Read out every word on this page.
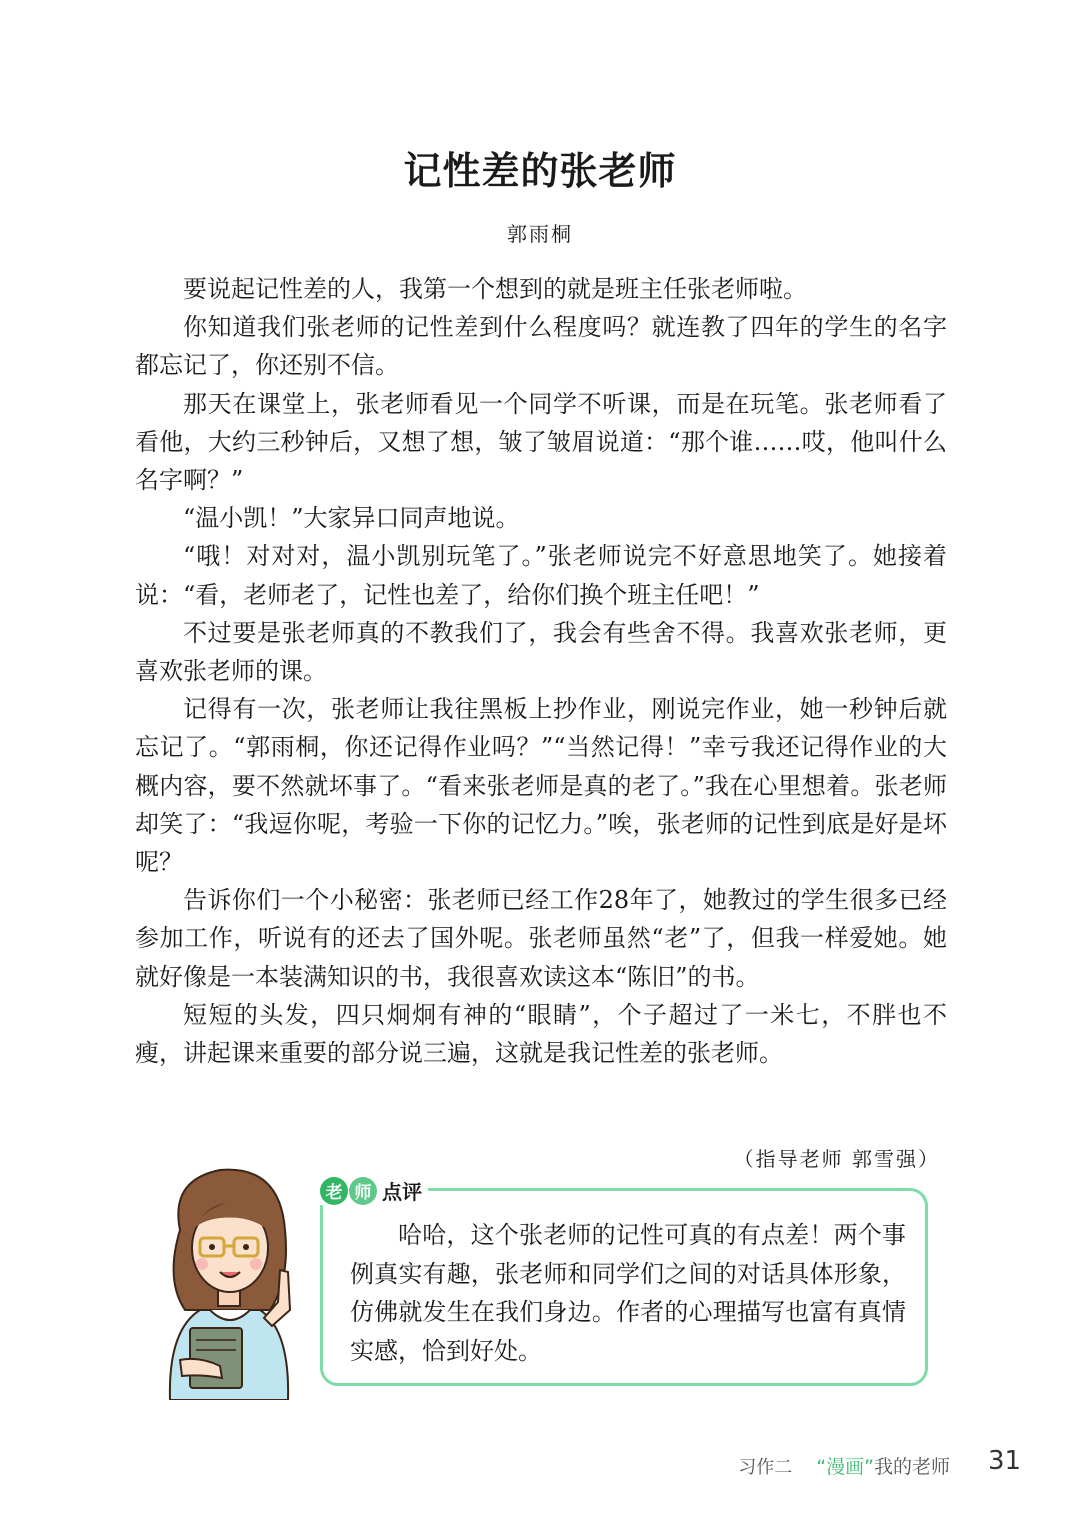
记性差的张老师
郭雨桐

要说起记性差的人，我第一个想到的就是班主任张老师啦。

你知道我们张老师的记性差到什么程度吗？就连教了四年的学生的名字都忘记了，你还别不信。

那天在课堂上，张老师看见一个同学不听课，而是在玩笔。张老师看了看他，大约三秒钟后，又想了想，皱了皱眉说道：“那个谁……哎，他叫什么名字啊？”

“温小凯！”大家异口同声地说。

“哦！对对对，温小凯别玩笔了。”张老师说完不好意思地笑了。她接着说：“看，老师老了，记性也差了，给你们换个班主任吧！”

不过要是张老师真的不教我们了，我会有些舍不得。我喜欢张老师，更喜欢张老师的课。

记得有一次，张老师让我往黑板上抄作业，刚说完作业，她一秒钟后就忘记了。“郭雨桐，你还记得作业吗？”“当然记得！”幸亏我还记得作业的大概内容，要不然就坏事了。“看来张老师是真的老了。”我在心里想着。张老师却笑了：“我逗你呢，考验一下你的记忆力。”唉，张老师的记性到底是好是坏呢？

告诉你们一个小秘密：张老师已经工作28年了，她教过的学生很多已经参加工作，听说有的还去了国外呢。张老师虽然“老”了，但我一样爱她。她就好像是一本装满知识的书，我很喜欢读这本“陈旧”的书。

短短的头发，四只炯炯有神的“眼睛”，个子超过了一米七，不胖也不瘦，讲起课来重要的部分说三遍，这就是我记性差的张老师。

（指导老师 郭雪强）
老 师 点评

哈哈，这个张老师的记性可真的有点差！两个事例真实有趣，张老师和同学们之间的对话具体形象，仿佛就发生在我们身边。作者的心理描写也富有真情实感，恰到好处。

习作二 “漫画”我的老师 31
